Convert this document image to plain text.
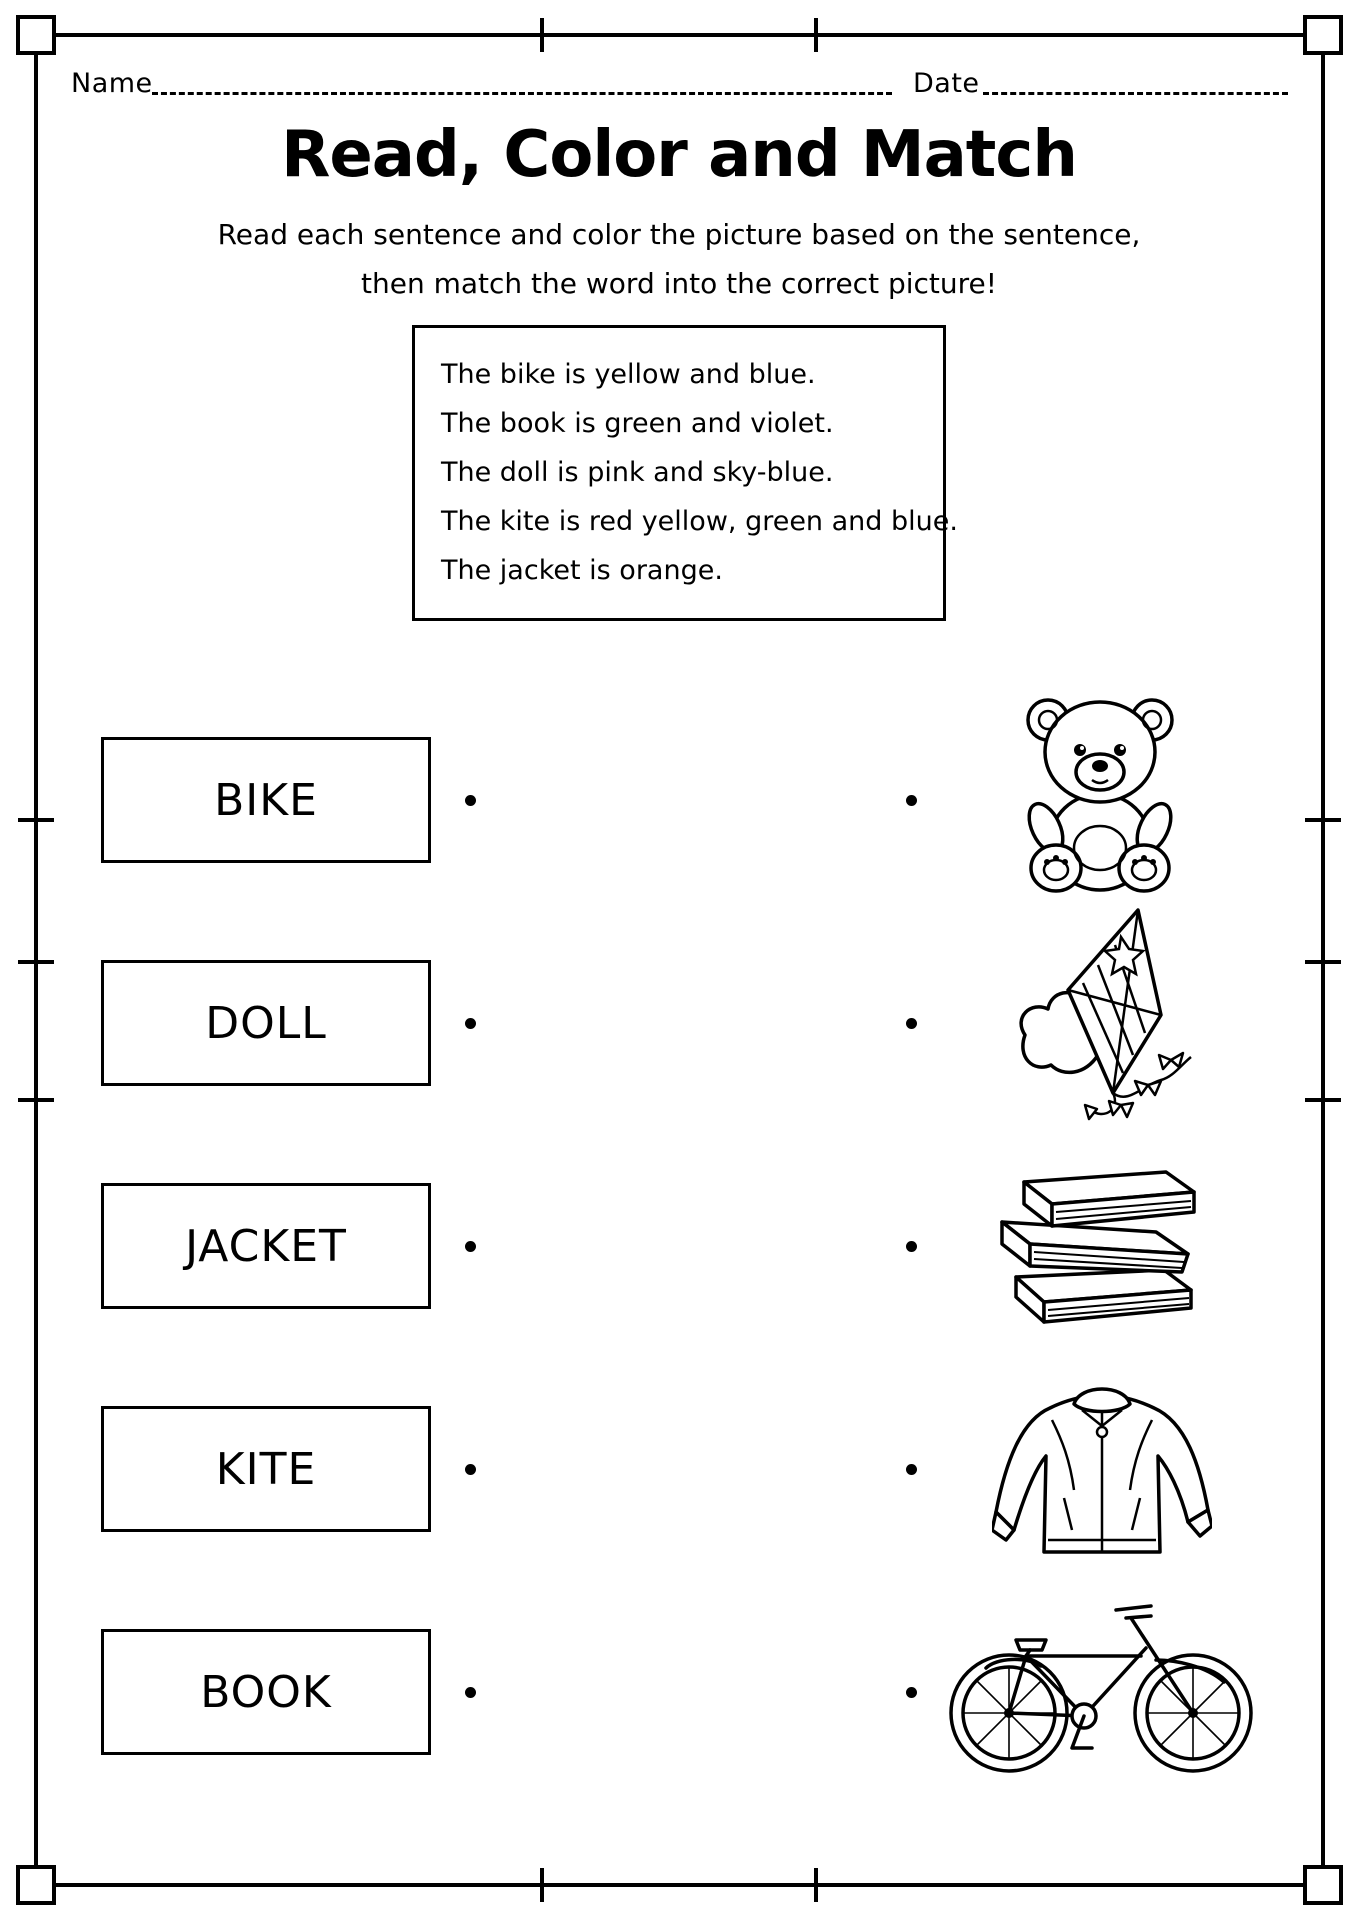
Name	Date
Read, Color and Match
Read each sentence and color the picture based on the sentence,
then match the word into the correct picture!
The bike is yellow and blue.
The book is green and violet.
The doll is pink and sky-blue.
The kite is red yellow, green and blue.
The jacket is orange.
BIKE
DOLL
JACKET
KITE
BOOK
